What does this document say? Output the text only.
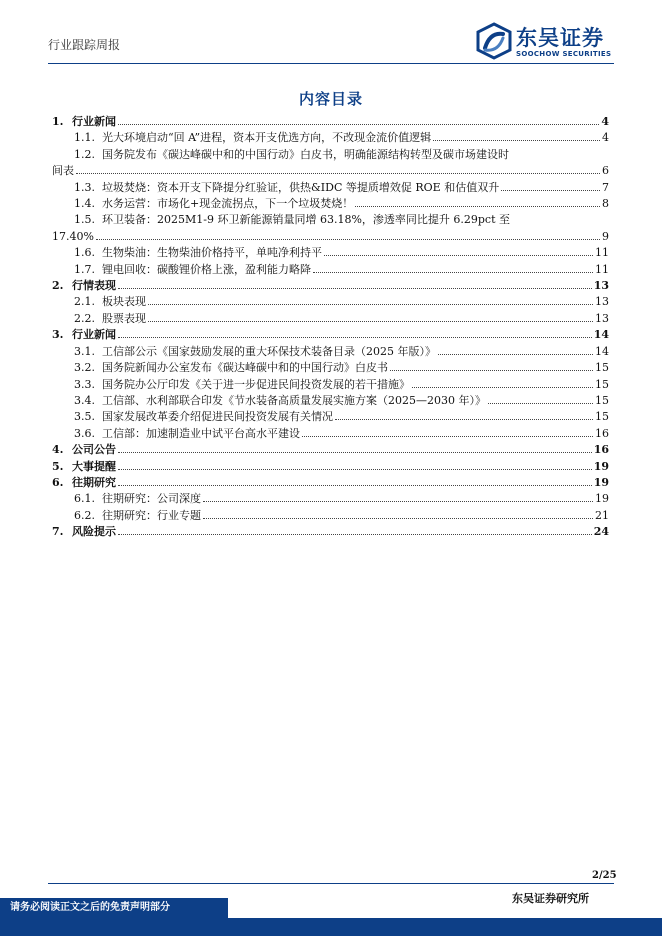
行业跟踪周报	东吴证券
SOOCHOW SECURITIES
内容目录
1. 行业新闻	4
1.1. 光大环境启动“回 A”进程，资本开支优选方向，不改现金流价值逻辑	4
1.2. 国务院发布《碳达峰碳中和的中国行动》白皮书，明确能源结构转型及碳市场建设时
间表	6
1.3. 垃圾焚烧：资本开支下降提分红验证，供热&IDC 等提质增效促 ROE 和估值双升	7
1.4. 水务运营：市场化+现金流拐点，下一个垃圾焚烧！	8
1.5. 环卫装备：2025M1-9 环卫新能源销量同增 63.18%，渗透率同比提升 6.29pct 至
17.40%	9
1.6. 生物柴油：生物柴油价格持平，单吨净利持平	11
1.7. 锂电回收：碳酸锂价格上涨，盈利能力略降	11
2. 行情表现	13
2.1. 板块表现	13
2.2. 股票表现	13
3. 行业新闻	14
3.1. 工信部公示《国家鼓励发展的重大环保技术装备目录（2025 年版）》	14
3.2. 国务院新闻办公室发布《碳达峰碳中和的中国行动》白皮书	15
3.3. 国务院办公厅印发《关于进一步促进民间投资发展的若干措施》	15
3.4. 工信部、水利部联合印发《节水装备高质量发展实施方案（2025—2030 年）》	15
3.5. 国家发展改革委介绍促进民间投资发展有关情况	15
3.6. 工信部：加速制造业中试平台高水平建设	16
4. 公司公告	16
5. 大事提醒	19
6. 往期研究	19
6.1. 往期研究：公司深度	19
6.2. 往期研究：行业专题	21
7. 风险提示	24
2/25
东吴证券研究所
请务必阅读正文之后的免责声明部分
